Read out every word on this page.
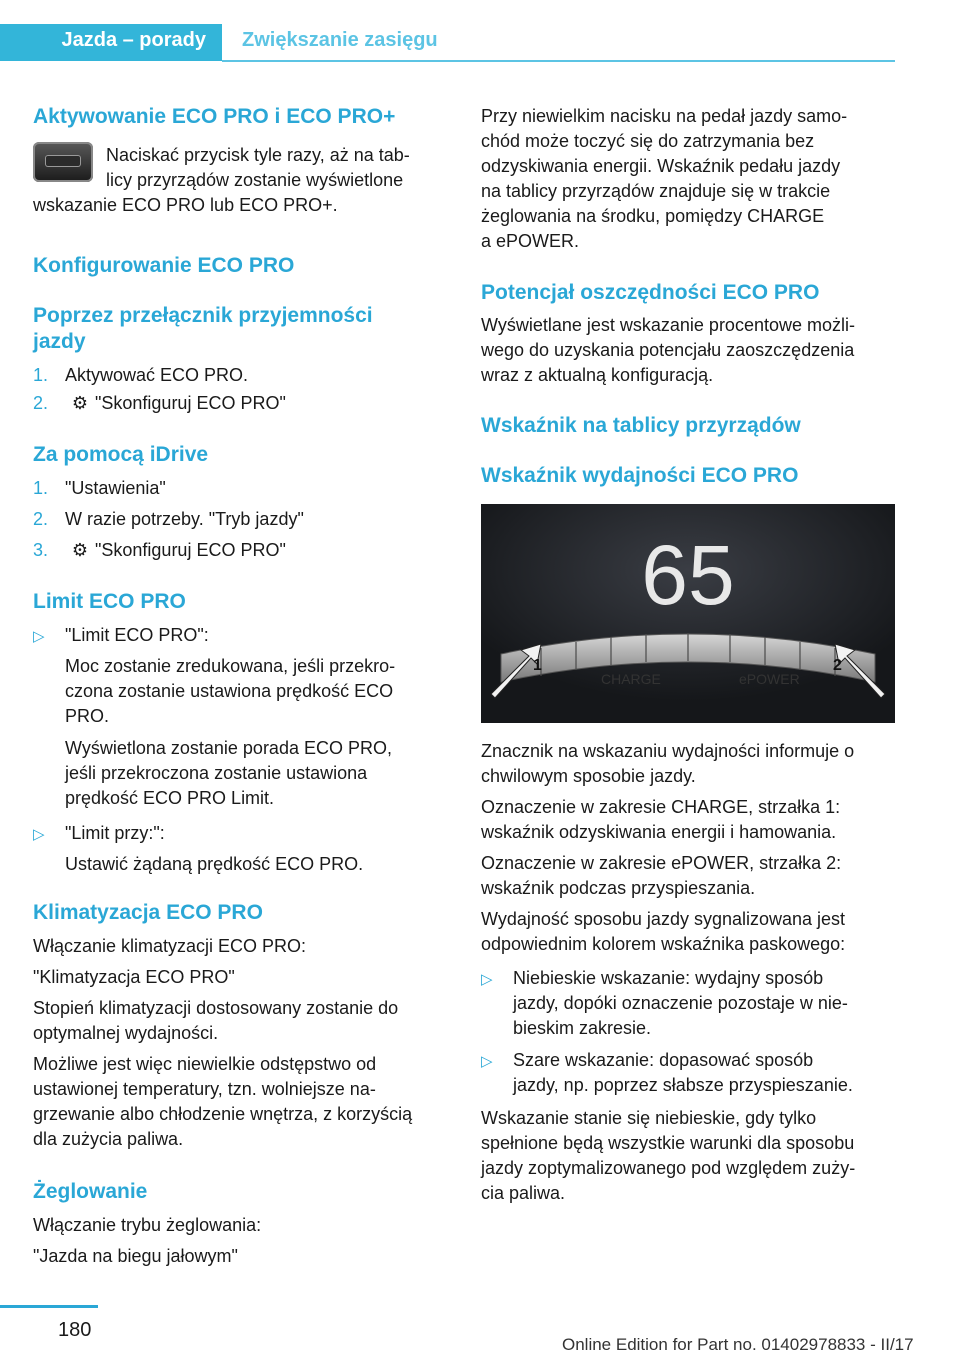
Jazda – porady Zwiększanie zasięgu
Aktywowanie ECO PRO i ECO PRO+

Naciskać przycisk tyle razy, aż na tab-

licy przyrządów zostanie wyświetlone

wskazanie ECO PRO lub ECO PRO+.

Konfigurowanie ECO PRO
Poprzez przełącznik przyjemności
jazdy

1. Aktywować ECO PRO.

2. ⚙ "Skonfiguruj ECO PRO"

Za pomocą iDrive

1. "Ustawienia"

2. W razie potrzeby. "Tryb jazdy"

3. ⚙ "Skonfiguruj ECO PRO"

Limit ECO PRO

▷ "Limit ECO PRO":

Moc zostanie zredukowana, jeśli przekro-

czona zostanie ustawiona prędkość ECO

PRO.

Wyświetlona zostanie porada ECO PRO,

jeśli przekroczona zostanie ustawiona

prędkość ECO PRO Limit.

▷ "Limit przy:":

Ustawić żądaną prędkość ECO PRO.

Klimatyzacja ECO PRO

Włączanie klimatyzacji ECO PRO:

"Klimatyzacja ECO PRO"

Stopień klimatyzacji dostosowany zostanie do

optymalnej wydajności.

Możliwe jest więc niewielkie odstępstwo od

ustawionej temperatury, tzn. wolniejsze na-

grzewanie albo chłodzenie wnętrza, z korzyścią

dla zużycia paliwa.

Żeglowanie

Włączanie trybu żeglowania:

"Jazda na biegu jałowym"

Przy niewielkim nacisku na pedał jazdy samo-

chód może toczyć się do zatrzymania bez

odzyskiwania energii. Wskaźnik pedału jazdy

na tablicy przyrządów znajduje się w trakcie

żeglowania na środku, pomiędzy CHARGE

a ePOWER.

Potencjał oszczędności ECO PRO

Wyświetlane jest wskazanie procentowe możli-

wego do uzyskania potencjału zaoszczędzenia

wraz z aktualną konfiguracją.

Wskaźnik na tablicy przyrządów
Wskaźnik wydajności ECO PRO
65
CHARGE	ePOWER
1	2

Znacznik na wskazaniu wydajności informuje o

chwilowym sposobie jazdy.

Oznaczenie w zakresie CHARGE, strzałka 1:

wskaźnik odzyskiwania energii i hamowania.

Oznaczenie w zakresie ePOWER, strzałka 2:

wskaźnik podczas przyspieszania.

Wydajność sposobu jazdy sygnalizowana jest

odpowiednim kolorem wskaźnika paskowego:

▷ Niebieskie wskazanie: wydajny sposób

jazdy, dopóki oznaczenie pozostaje w nie-

bieskim zakresie.

▷ Szare wskazanie: dopasować sposób

jazdy, np. poprzez słabsze przyspieszanie.

Wskazanie stanie się niebieskie, gdy tylko

spełnione będą wszystkie warunki dla sposobu

jazdy zoptymalizowanego pod względem zuży-

cia paliwa.

180
Online Edition for Part no. 01402978833 - II/17
